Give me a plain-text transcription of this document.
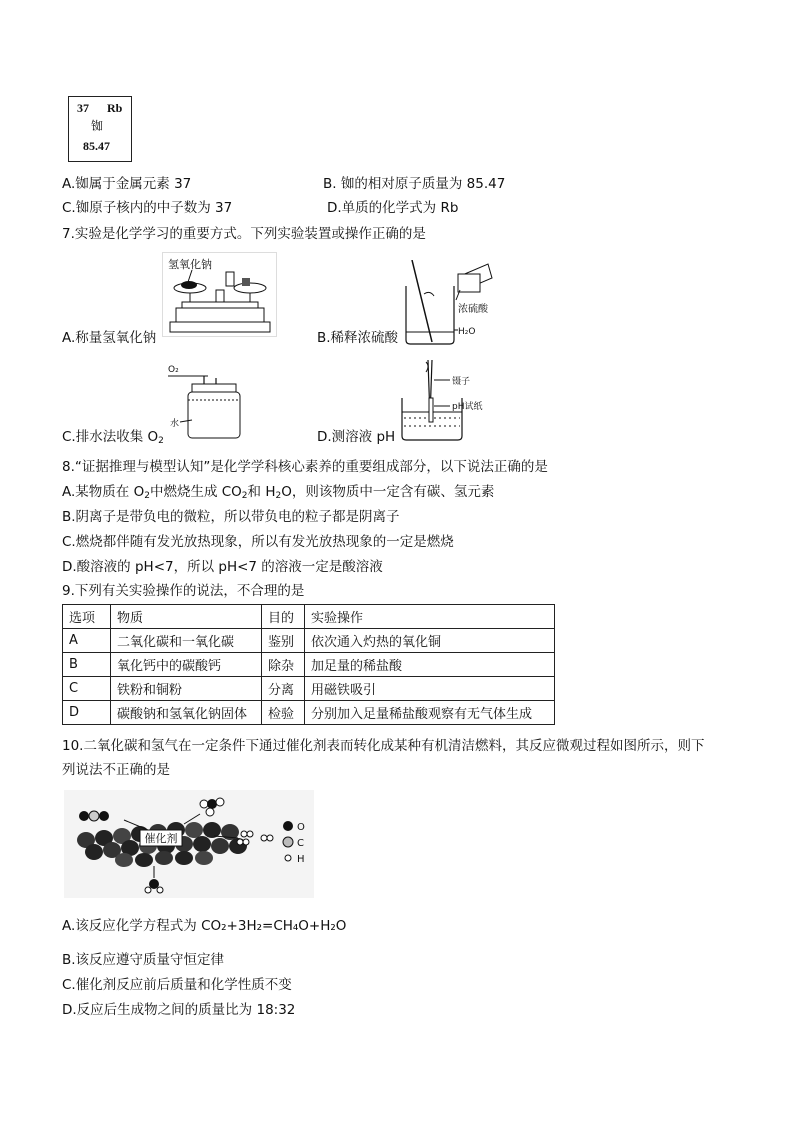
37 Rb
铷
85.47
A.铷属于金属元素 37	B. 铷的相对原子质量为 85.47
C.铷原子核内的中子数为 37	D.单质的化学式为 Rb
7.实验是化学学习的重要方式。下列实验装置或操作正确的是
氢氧化钠
A.称量氢氧化钠
浓硫酸
H₂O
B.稀释浓硫酸
O₂
水
C.排水法收集 $O_2$
镊子
pH试纸
D.测溶液 pH
8.“证据推理与模型认知”是化学学科核心素养的重要组成部分，以下说法正确的是
A.某物质在 $O_2$中燃烧生成 $CO_2$和 $H_2O$，则该物质中一定含有碳、氢元素
B.阴离子是带负电的微粒，所以带负电的粒子都是阴离子
C.燃烧都伴随有发光放热现象，所以有发光放热现象的一定是燃烧
D.酸溶液的 pH<7，所以 pH<7 的溶液一定是酸溶液
9.下列有关实验操作的说法，不合理的是
选项	物质	目的	实验操作
A	二氧化碳和一氧化碳	鉴别	依次通入灼热的氧化铜
B	氧化钙中的碳酸钙	除杂	加足量的稀盐酸
C	铁粉和铜粉	分离	用磁铁吸引
D	碳酸钠和氢氧化钠固体	检验	分别加入足量稀盐酸观察有无气体生成
10.二氧化碳和氢气在一定条件下通过催化剂表而转化成某种有机清洁燃料，其反应微观过程如图所示，则下
列说法不正确的是
催化剂
O
C
H
A.该反应化学方程式为 CO₂+3H₂=CH₄O+H₂O
B.该反应遵守质量守恒定律
C.催化剂反应前后质量和化学性质不变
D.反应后生成物之间的质量比为 18:32
